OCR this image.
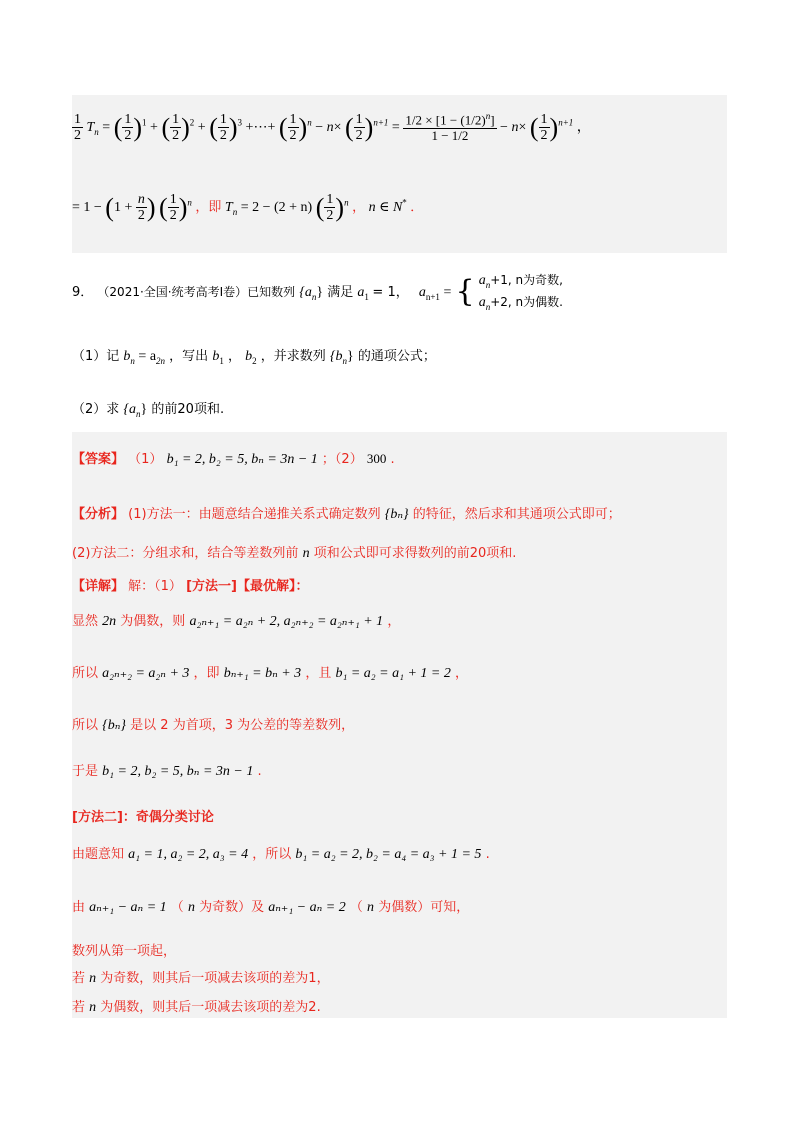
$\frac{1}{2} T_n$ = ( $\frac{1}{2} )^1$ + ( $\frac{1}{2} )^2$ + ( $\frac{1}{2} )^3$ +⋯+ ( $\frac{1}{2} )^n - n\times$ ( $\frac{1}{2} )^{n+1} = \frac{1/2 \times [1 - (1/2)^n]}{1 - 1/2} - n\times$ ( $\frac{1}{2} )^{n+1}$ ，
= $1 - (1 + \frac{n}{2}$ ) ( $\frac{1}{2} )^n$ ，即 $T_n = 2 - (2 + n)$ ( $\frac{1}{2} )^n$ ， n ∈ N* ．
9． （2021·全国·统考高考Ⅰ卷）已知数列 $\{a_n\}$ 满足 $a_1 = 1$， $a_{n+1}$ = { $a_n+1$, n为奇数,
$a_n+2$, n为偶数.
（1）记 $b_n = a_{2n}$ ，写出 $b_1$ ， $b_2$ ，并求数列 $\{b_n\}$ 的通项公式；
（2）求 $\{a_n\}$ 的前20项和.
【答案】 （1） b₁ = 2, b₂ = 5, bₙ = 3n − 1 ；（2） 300 .
【分析】 (1)方法一：由题意结合递推关系式确定数列 {bₙ} 的特征，然后求和其通项公式即可；
(2)方法二：分组求和，结合等差数列前 n 项和公式即可求得数列的前20项和.
【详解】 解：（1） [方法一]【最优解】：
显然 2n 为偶数，则 a₂ₙ₊₁ = a₂ₙ + 2, a₂ₙ₊₂ = a₂ₙ₊₁ + 1 ，
所以 a₂ₙ₊₂ = a₂ₙ + 3 ，即 bₙ₊₁ = bₙ + 3 ，且 b₁ = a₂ = a₁ + 1 = 2 ，
所以 {bₙ} 是以 2 为首项，3 为公差的等差数列，
于是 b₁ = 2, b₂ = 5, bₙ = 3n − 1 .
[方法二]：奇偶分类讨论
由题意知 a₁ = 1, a₂ = 2, a₃ = 4 ，所以 b₁ = a₂ = 2, b₂ = a₄ = a₃ + 1 = 5 .
由 aₙ₊₁ − aₙ = 1 （ n 为奇数）及 aₙ₊₁ − aₙ = 2 （ n 为偶数）可知，
数列从第一项起，
若 n 为奇数，则其后一项减去该项的差为1，
若 n 为偶数，则其后一项减去该项的差为2.
